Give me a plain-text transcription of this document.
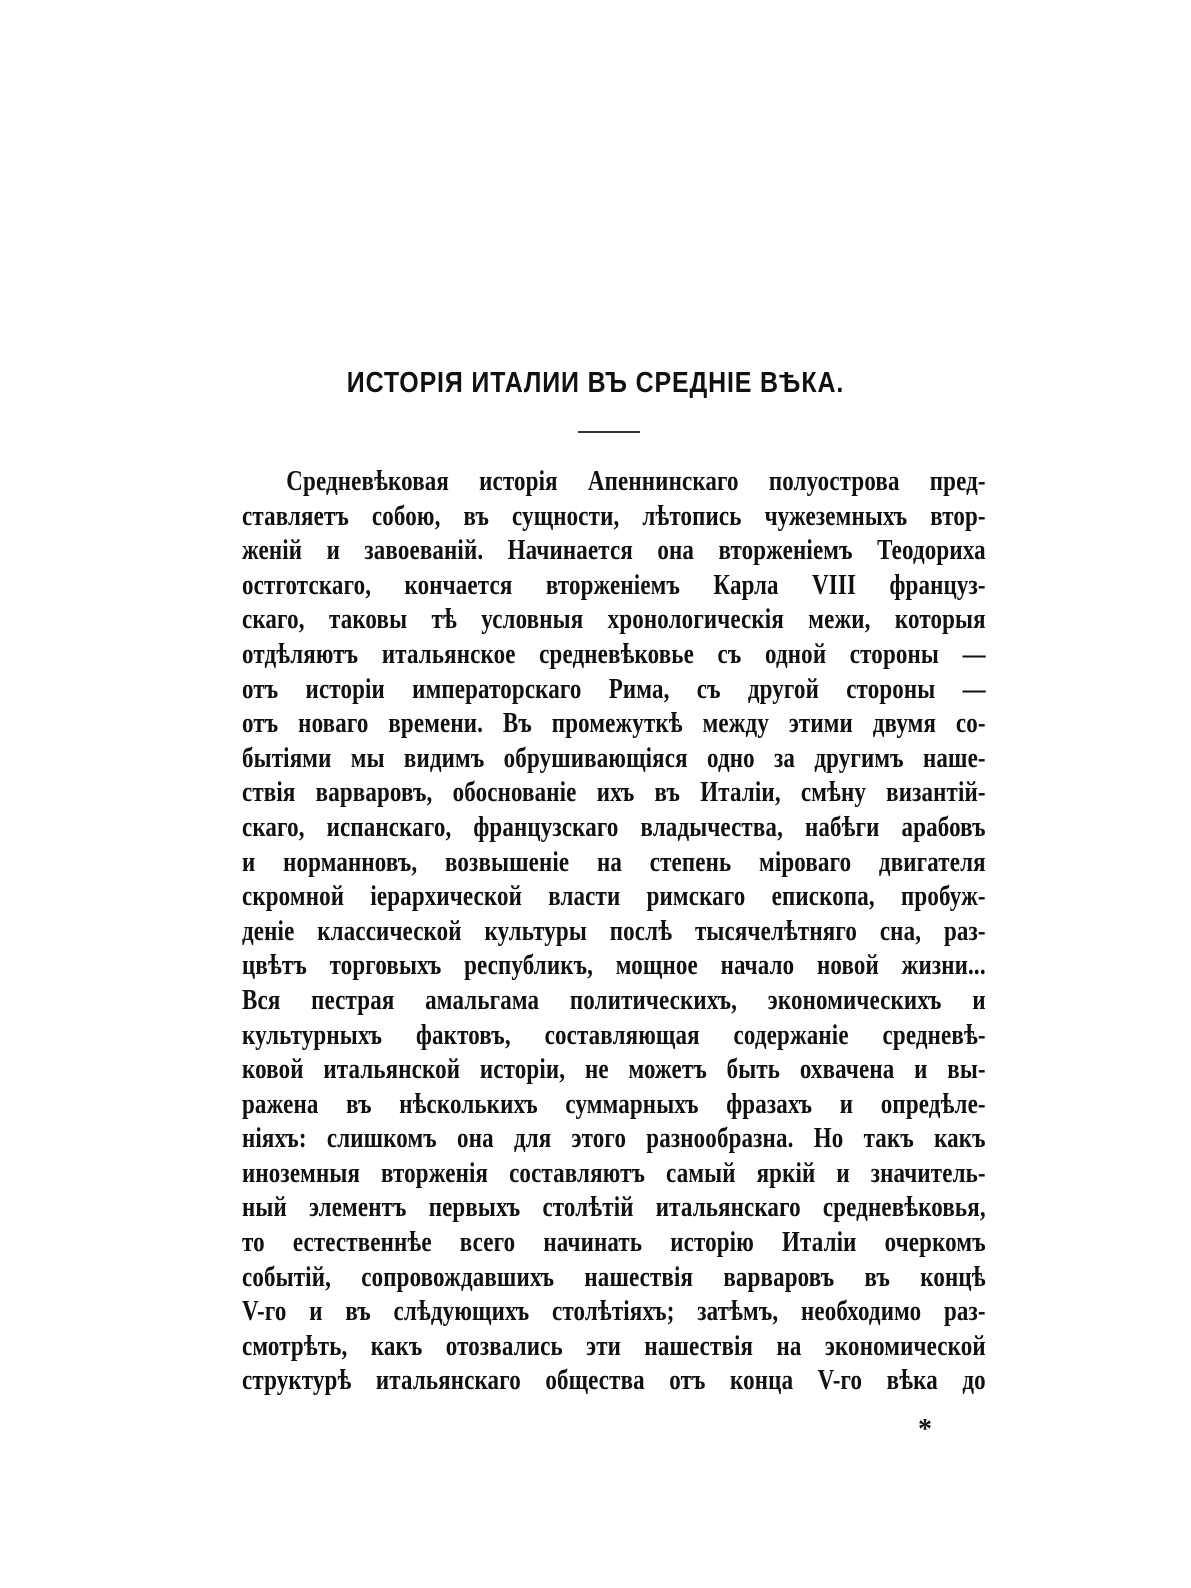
ИСТОРІЯ ИТАЛИИ ВЪ СРЕДНІЕ ВѢКА.
Средневѣковая исторія Апеннинскаго полуострова пред-
ставляетъ собою, въ сущности, лѣтопись чужеземныхъ втор-
женій и завоеваній. Начинается она вторженіемъ Теодориха
остготскаго, кончается вторженіемъ Карла VIII француз-
скаго, таковы тѣ условныя хронологическія межи, которыя
отдѣляютъ итальянское средневѣковье съ одной стороны —
отъ исторіи императорскаго Рима, съ другой стороны —
отъ новаго времени. Въ промежуткѣ между этими двумя со-
бытіями мы видимъ обрушивающіяся одно за другимъ наше-
ствія варваровъ, обоснованіе ихъ въ Италіи, смѣну византій-
скаго, испанскаго, французскаго владычества, набѣги арабовъ
и норманновъ, возвышеніе на степень міроваго двигателя
скромной іерархической власти римскаго епископа, пробуж-
деніе классической культуры послѣ тысячелѣтняго сна, раз-
цвѣтъ торговыхъ республикъ, мощное начало новой жизни...
Вся пестрая амальгама политическихъ, экономическихъ и
культурныхъ фактовъ, составляющая содержаніе средневѣ-
ковой итальянской исторіи, не можетъ быть охвачена и вы-
ражена въ нѣсколькихъ суммарныхъ фразахъ и опредѣле-
ніяхъ: слишкомъ она для этого разнообразна. Но такъ какъ
иноземныя вторженія составляютъ самый яркій и значитель-
ный элементъ первыхъ столѣтій итальянскаго средневѣковья,
то естественнѣе всего начинать исторію Италіи очеркомъ
событій, сопровождавшихъ нашествія варваровъ въ концѣ
V-го и въ слѣдующихъ столѣтіяхъ; затѣмъ, необходимо раз-
смотрѣть, какъ отозвались эти нашествія на экономической
структурѣ итальянскаго общества отъ конца V-го вѣка до
*
